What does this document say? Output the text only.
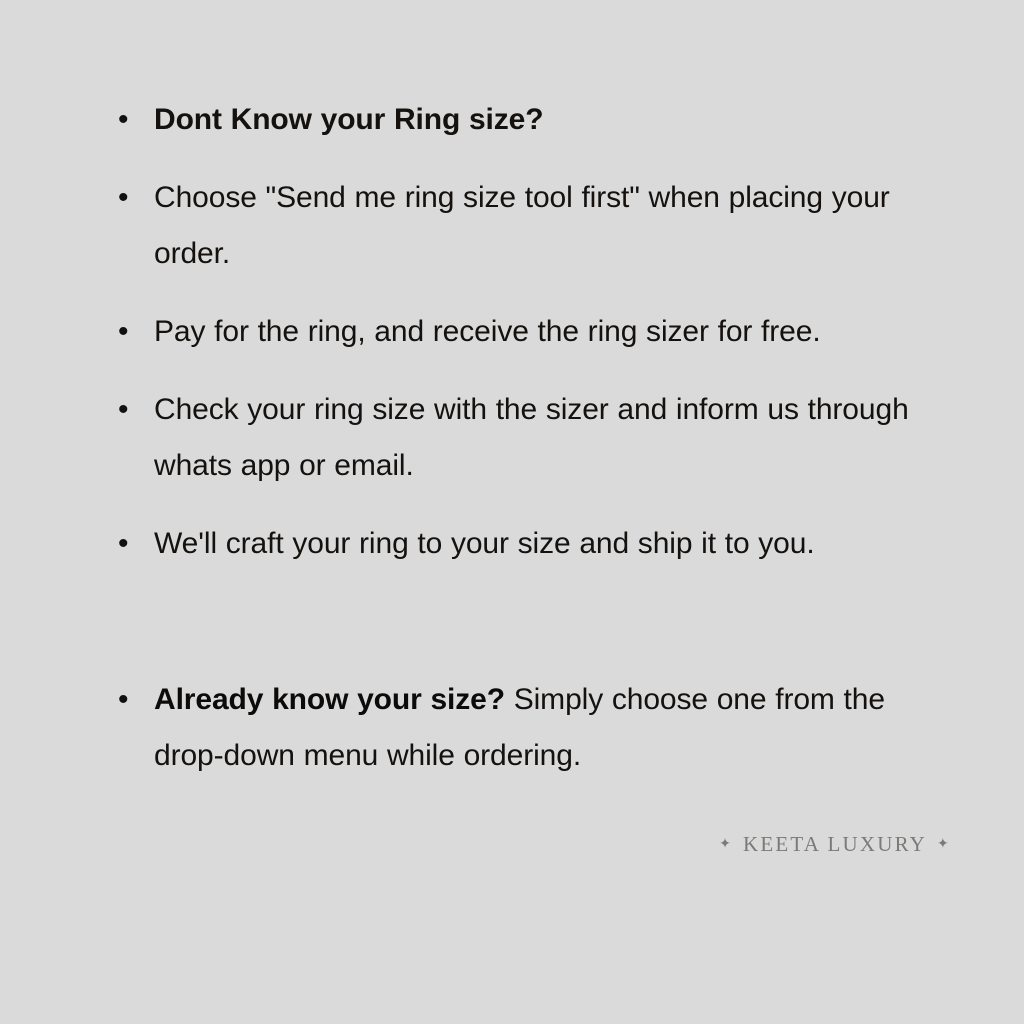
• Dont Know your Ring size?
• Choose "Send me ring size tool first" when placing your order.
• Pay for the ring, and receive the ring sizer for free.
• Check your ring size with the sizer and inform us through whats app or email.
• We'll craft your ring to your size and ship it to you.
• Already know your size? Simply choose one from the drop-down menu while ordering.
✦ KEETA LUXURY ✦
